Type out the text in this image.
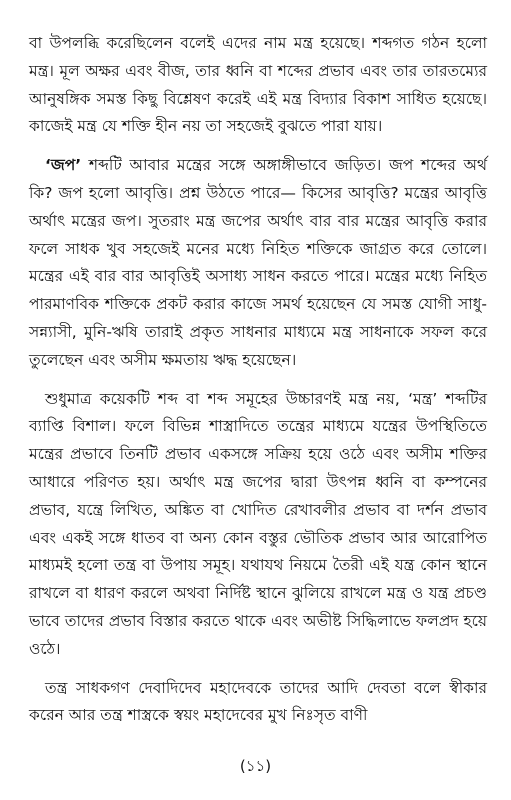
বা উপলব্ধি করেছিলেন বলেই এদের নাম মন্ত্র হয়েছে। শব্দগত গঠন হলো মন্ত্র। মূল অক্ষর এবং বীজ, তার ধ্বনি বা শব্দের প্রভাব এবং তার তারতম্যের আনুষঙ্গিক সমস্ত কিছু বিশ্লেষণ করেই এই মন্ত্র বিদ্যার বিকাশ সাধিত হয়েছে। কাজেই মন্ত্র যে শক্তি হীন নয় তা সহজেই বুঝতে পারা যায়।

‘জপ’ শব্দটি আবার মন্ত্রের সঙ্গে অঙ্গাঙ্গীভাবে জড়িত। জপ শব্দের অর্থ কি? জপ হলো আবৃত্তি। প্রশ্ন উঠতে পারে— কিসের আবৃত্তি? মন্ত্রের আবৃত্তি অর্থাৎ মন্ত্রের জপ। সুতরাং মন্ত্র জপের অর্থাৎ বার বার মন্ত্রের আবৃত্তি করার ফলে সাধক খুব সহজেই মনের মধ্যে নিহিত শক্তিকে জাগ্রত করে তোলে। মন্ত্রের এই বার বার আবৃত্তিই অসাধ্য সাধন করতে পারে। মন্ত্রের মধ্যে নিহিত পারমাণবিক শক্তিকে প্রকট করার কাজে সমর্থ হয়েছেন যে সমস্ত যোগী সাধু-সন্ন্যাসী, মুনি-ঋষি তারাই প্রকৃত সাধনার মাধ্যমে মন্ত্র সাধনাকে সফল করে তুলেছেন এবং অসীম ক্ষমতায় ঋদ্ধ হয়েছেন।

শুধুমাত্র কয়েকটি শব্দ বা শব্দ সমূহের উচ্চারণই মন্ত্র নয়, ‘মন্ত্র’ শব্দটির ব্যাপ্তি বিশাল। ফলে বিভিন্ন শাস্ত্রাদিতে তন্ত্রের মাধ্যমে যন্ত্রের উপস্থিতিতে মন্ত্রের প্রভাবে তিনটি প্রভাব একসঙ্গে সক্রিয় হয়ে ওঠে এবং অসীম শক্তির আধারে পরিণত হয়। অর্থাৎ মন্ত্র জপের দ্বারা উৎপন্ন ধ্বনি বা কম্পনের প্রভাব, যন্ত্রে লিখিত, অঙ্কিত বা খোদিত রেখাবলীর প্রভাব বা দর্শন প্রভাব এবং একই সঙ্গে ধাতব বা অন্য কোন বস্তুর ভৌতিক প্রভাব আর আরোপিত মাধ্যমই হলো তন্ত্র বা উপায় সমূহ। যথাযথ নিয়মে তৈরী এই যন্ত্র কোন স্থানে রাখলে বা ধারণ করলে অথবা নির্দিষ্ট স্থানে ঝুলিয়ে রাখলে মন্ত্র ও যন্ত্র প্রচণ্ড ভাবে তাদের প্রভাব বিস্তার করতে থাকে এবং অভীষ্ট সিদ্ধিলাভে ফলপ্রদ হয়ে ওঠে।

তন্ত্র সাধকগণ দেবাদিদেব মহাদেবকে তাদের আদি দেবতা বলে স্বীকার করেন আর তন্ত্র শাস্ত্রকে স্বয়ং মহাদেবের মুখ নিঃসৃত বাণী

(১১)
